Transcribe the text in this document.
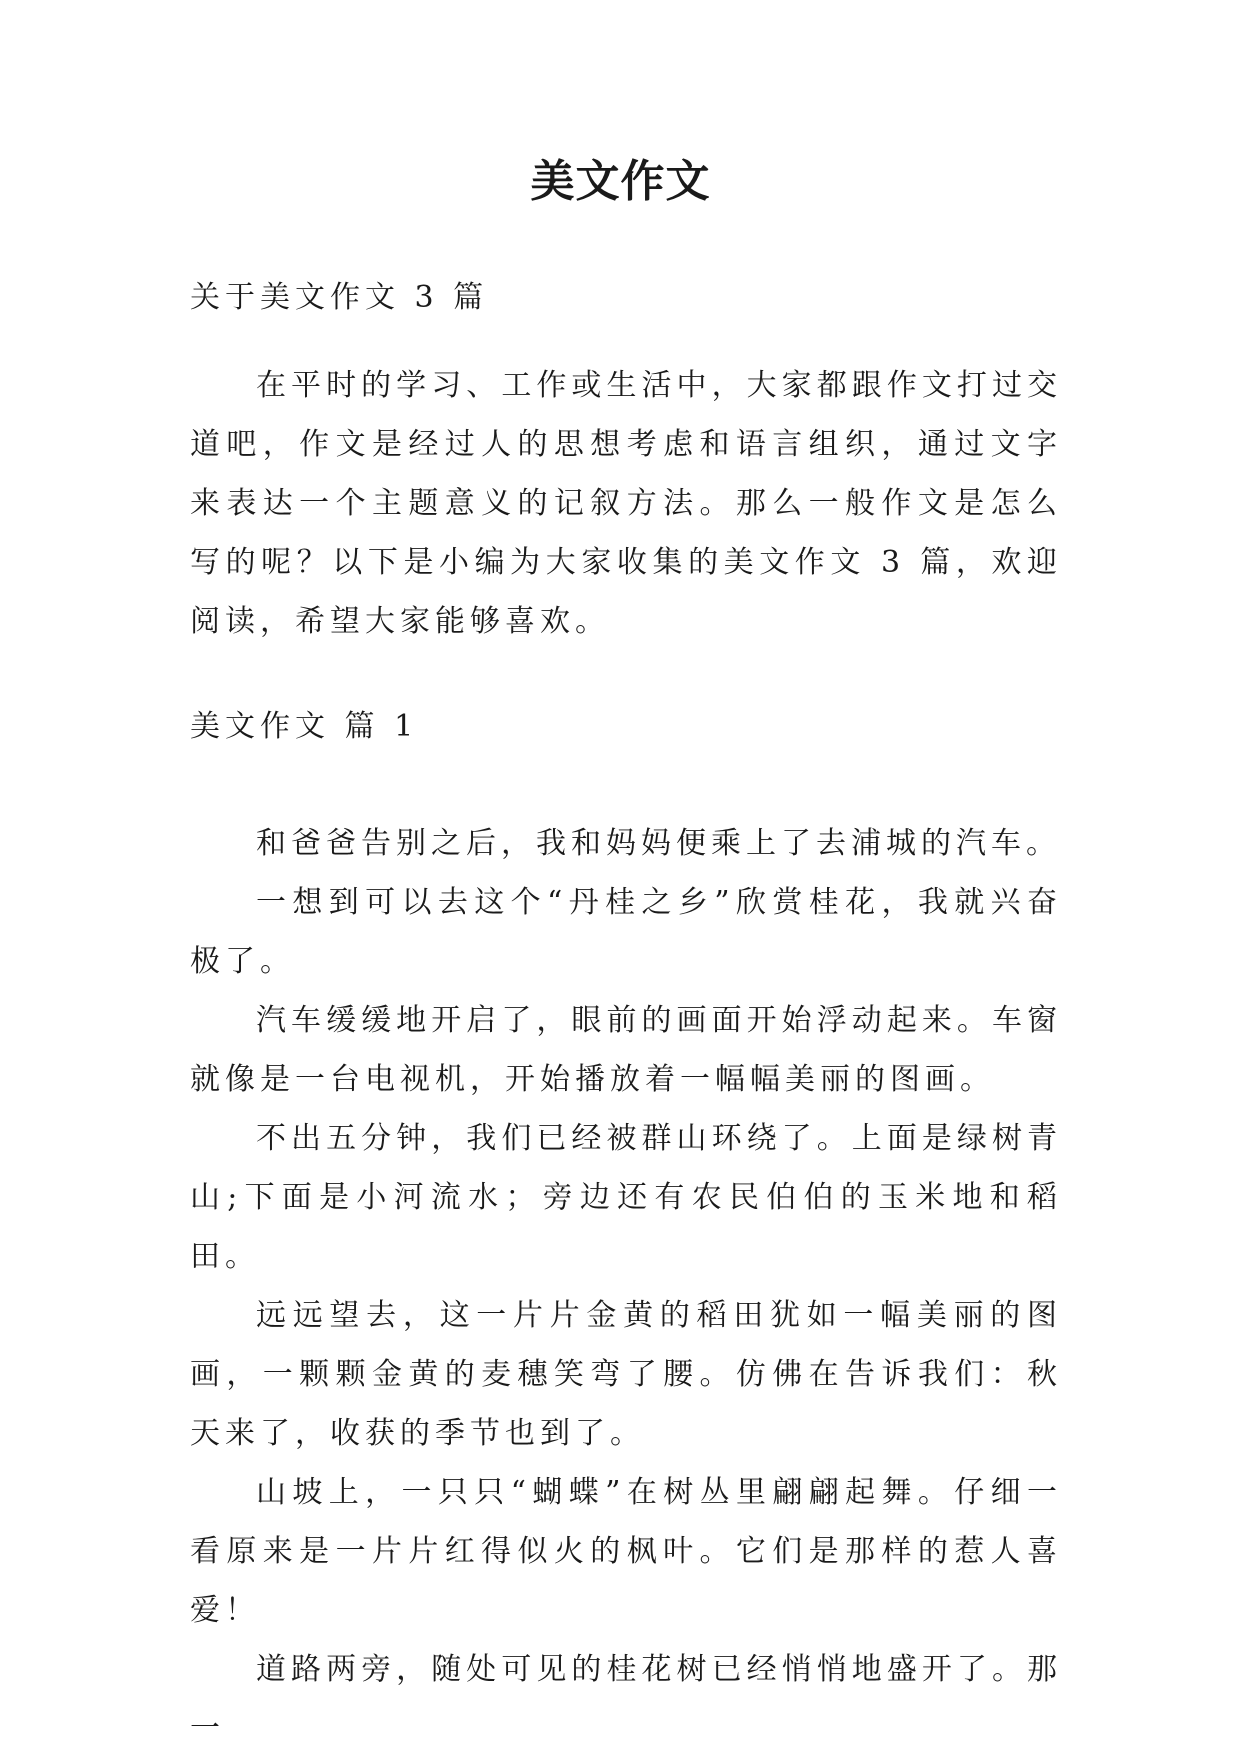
美文作文

关于美文作文 3 篇

在平时的学习、工作或生活中，大家都跟作文打过交道吧，作文是经过人的思想考虑和语言组织，通过文字来表达一个主题意义的记叙方法。那么一般作文是怎么写的呢？以下是小编为大家收集的美文作文 3 篇，欢迎阅读，希望大家能够喜欢。

美文作文 篇 1

和爸爸告别之后，我和妈妈便乘上了去浦城的汽车。

一想到可以去这个“丹桂之乡”欣赏桂花，我就兴奋极了。

汽车缓缓地开启了，眼前的画面开始浮动起来。车窗就像是一台电视机，开始播放着一幅幅美丽的图画。

不出五分钟，我们已经被群山环绕了。上面是绿树青山;下面是小河流水；旁边还有农民伯伯的玉米地和稻田。

远远望去，这一片片金黄的稻田犹如一幅美丽的图画，一颗颗金黄的麦穗笑弯了腰。仿佛在告诉我们：秋天来了，收获的季节也到了。

山坡上，一只只“蝴蝶”在树丛里翩翩起舞。仔细一看原来是一片片红得似火的枫叶。它们是那样的惹人喜爱！

道路两旁，随处可见的桂花树已经悄悄地盛开了。那一
